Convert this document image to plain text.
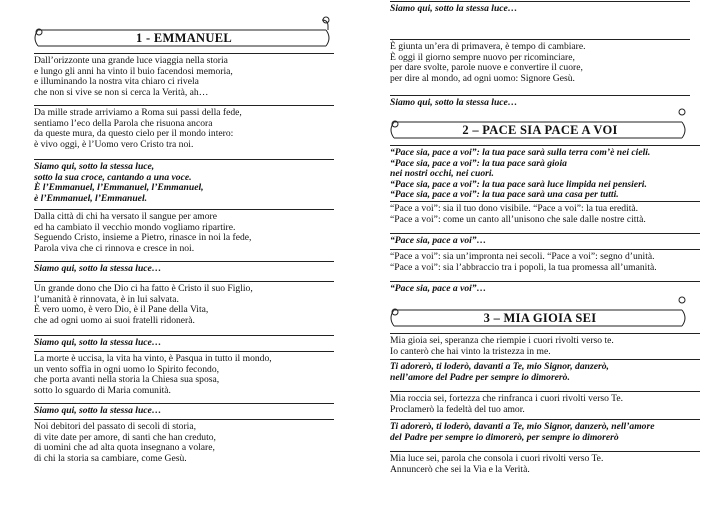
1 - EMMANUEL
Dall’orizzonte una grande luce viaggia nella storia
e lungo gli anni ha vinto il buio facendosi memoria,
e illuminando la nostra vita chiaro ci rivela
che non si vive se non si cerca la Verità, ah…
Da mille strade arriviamo a Roma sui passi della fede,
sentiamo l’eco della Parola che risuona ancora
da queste mura, da questo cielo per il mondo intero:
è vivo oggi, è l’Uomo vero Cristo tra noi.
Siamo qui, sotto la stessa luce,
sotto la sua croce, cantando a una voce.
È l’Emmanuel, l’Emmanuel, l’Emmanuel,
è l’Emmanuel, l’Emmanuel.
Dalla città di chi ha versato il sangue per amore
ed ha cambiato il vecchio mondo vogliamo ripartire.
Seguendo Cristo, insieme a Pietro, rinasce in noi la fede,
Parola viva che ci rinnova e cresce in noi.
Siamo qui, sotto la stessa luce…
Un grande dono che Dio ci ha fatto è Cristo il suo Figlio,
l’umanità è rinnovata, è in lui salvata.
È vero uomo, è vero Dio, è il Pane della Vita,
che ad ogni uomo ai suoi fratelli ridonerà.
Siamo qui, sotto la stessa luce…
La morte è uccisa, la vita ha vinto, è Pasqua in tutto il mondo,
un vento soffia in ogni uomo lo Spirito fecondo,
che porta avanti nella storia la Chiesa sua sposa,
sotto lo sguardo di Maria comunità.
Siamo qui, sotto la stessa luce…
Noi debitori del passato di secoli di storia,
di vite date per amore, di santi che han creduto,
di uomini che ad alta quota insegnano a volare,
di chi la storia sa cambiare, come Gesù.
Siamo qui, sotto la stessa luce…
È giunta un’era di primavera, è tempo di cambiare.
È oggi il giorno sempre nuovo per ricominciare,
per dare svolte, parole nuove e convertire il cuore,
per dire al mondo, ad ogni uomo: Signore Gesù.
Siamo qui, sotto la stessa luce…
2 – PACE SIA PACE A VOI
“Pace sia, pace a voi”: la tua pace sarà sulla terra com’è nei cieli.
“Pace sia, pace a voi”: la tua pace sarà gioia
nei nostri occhi, nei cuori.
“Pace sia, pace a voi”: la tua pace sarà luce limpida nei pensieri.
“Pace sia, pace a voi”: la tua pace sarà una casa per tutti.
“Pace a voi”: sia il tuo dono visibile. “Pace a voi”: la tua eredità.
“Pace a voi”: come un canto all’unisono che sale dalle nostre città.
“Pace sia, pace a voi”…
“Pace a voi”: sia un’impronta nei secoli. “Pace a voi”: segno d’unità.
“Pace a voi”: sia l’abbraccio tra i popoli, la tua promessa all’umanità.
“Pace sia, pace a voi”…
3 – MIA GIOIA SEI
Mia gioia sei, speranza che riempie i cuori rivolti verso te.
Io canterò che hai vinto la tristezza in me.
Ti adorerò, ti loderò, davanti a Te, mio Signor, danzerò,
nell’amore del Padre per sempre io dimorerò.
Mia roccia sei, fortezza che rinfranca i cuori rivolti verso Te.
Proclamerò la fedeltà del tuo amor.
Ti adorerò, ti loderò, davanti a Te, mio Signor, danzerò, nell’amore
del Padre per sempre io dimorerò, per sempre io dimorerò
Mia luce sei, parola che consola i cuori rivolti verso Te.
Annuncerò che sei la Via e la Verità.
